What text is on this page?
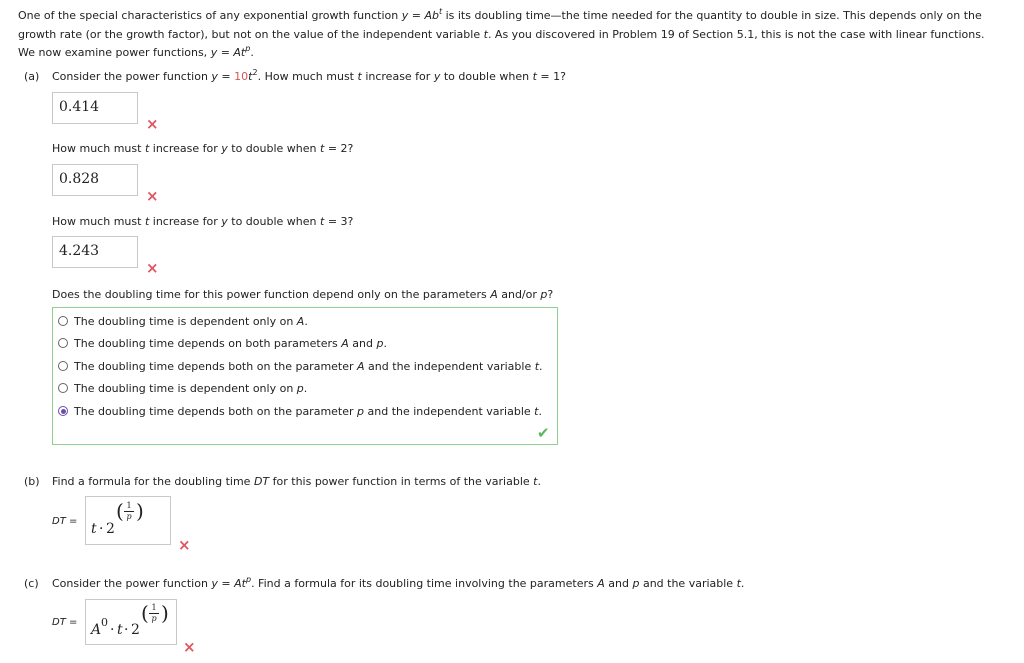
One of the special characteristics of any exponential growth function $y = Ab^t$ is its doubling time—the time needed for the quantity to double in size. This depends only on the
growth rate (or the growth factor), but not on the value of the independent variable t. As you discovered in Problem 19 of Section 5.1, this is not the case with linear functions.
We now examine power functions, $y = At^p$.
(a) Consider the power function $y = 10t^2$. How much must t increase for y to double when t = 1?
0.414
×
How much must t increase for y to double when t = 2?
0.828
×
How much must t increase for y to double when t = 3?
4.243
×
Does the doubling time for this power function depend only on the parameters A and/or p?
The doubling time is dependent only on A.
The doubling time depends on both parameters A and p.
The doubling time depends both on the parameter A and the independent variable t.
The doubling time is dependent only on p.
The doubling time depends both on the parameter p and the independent variable t.
✔
(b) Find a formula for the doubling time DT for this power function in terms of the variable t.
DT = t · 2
( $\frac{1}{p}$ )
×
(c) Consider the power function $y = At^p$. Find a formula for its doubling time involving the parameters A and p and the variable t.
DT = A 0 · t · 2
( $\frac{1}{p}$ )
×
